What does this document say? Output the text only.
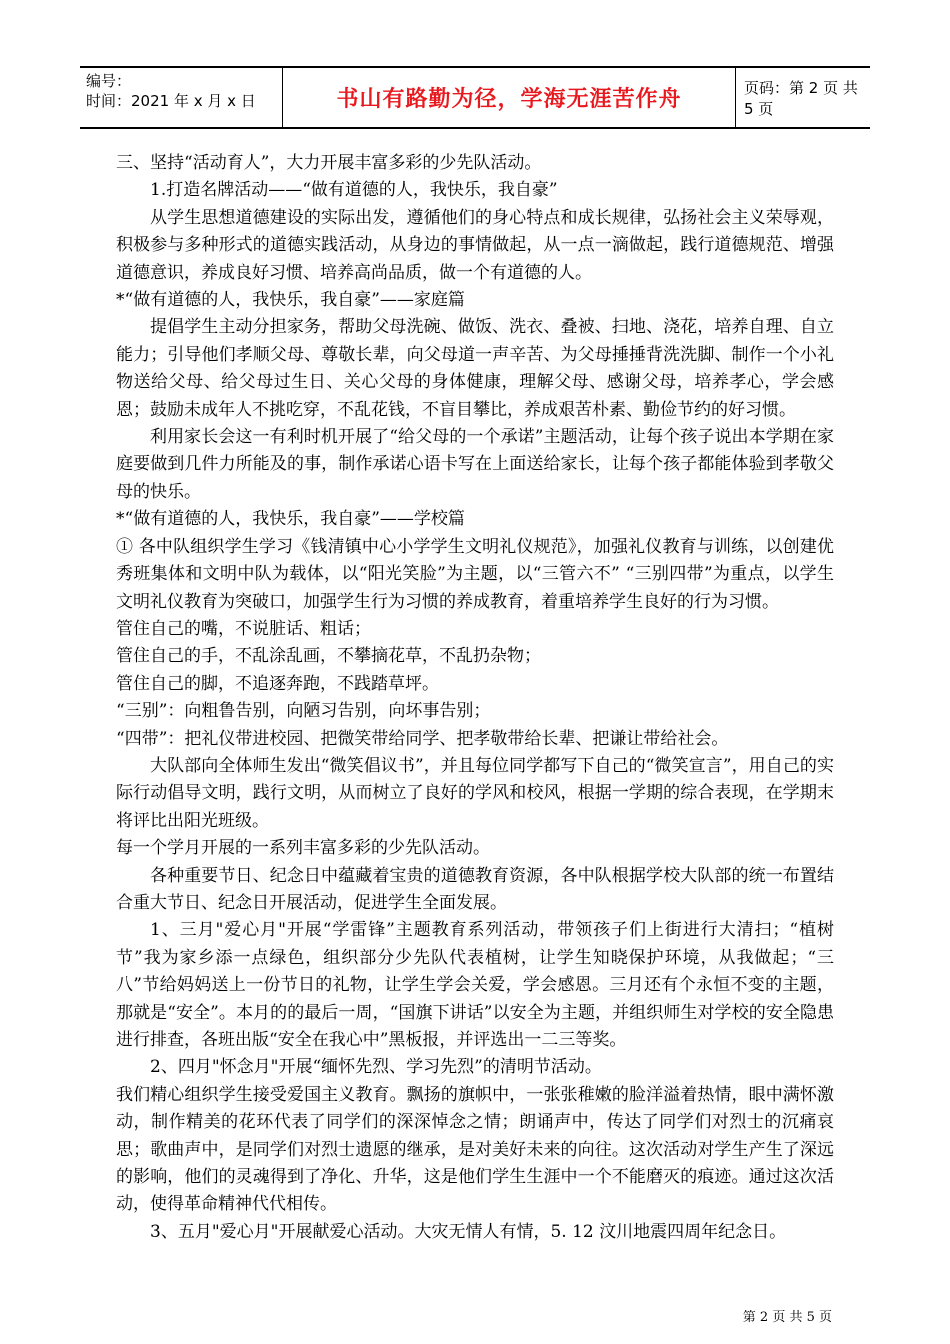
编号：
时间：2021 年 x 月 x 日	书山有路勤为径，学海无涯苦作舟	页码：第 2 页 共 5 页

三、坚持“活动育人”，大力开展丰富多彩的少先队活动。

1.打造名牌活动——“做有道德的人，我快乐，我自豪”

从学生思想道德建设的实际出发，遵循他们的身心特点和成长规律，弘扬社会主义荣辱观，积极参与多种形式的道德实践活动，从身边的事情做起，从一点一滴做起，践行道德规范、增强道德意识，养成良好习惯、培养高尚品质，做一个有道德的人。

*“做有道德的人，我快乐，我自豪”——家庭篇

提倡学生主动分担家务，帮助父母洗碗、做饭、洗衣、叠被、扫地、浇花，培养自理、自立能力；引导他们孝顺父母、尊敬长辈，向父母道一声辛苦、为父母捶捶背洗洗脚、制作一个小礼物送给父母、给父母过生日、关心父母的身体健康，理解父母、感谢父母，培养孝心，学会感恩；鼓励未成年人不挑吃穿，不乱花钱，不盲目攀比，养成艰苦朴素、勤俭节约的好习惯。

利用家长会这一有利时机开展了“给父母的一个承诺”主题活动，让每个孩子说出本学期在家庭要做到几件力所能及的事，制作承诺心语卡写在上面送给家长，让每个孩子都能体验到孝敬父母的快乐。

*“做有道德的人，我快乐，我自豪”——学校篇

① 各中队组织学生学习《钱清镇中心小学学生文明礼仪规范》，加强礼仪教育与训练，以创建优秀班集体和文明中队为载体，以“阳光笑脸”为主题，以“三管六不” “三别四带”为重点，以学生文明礼仪教育为突破口，加强学生行为习惯的养成教育，着重培养学生良好的行为习惯。

管住自己的嘴，不说脏话、粗话；

管住自己的手，不乱涂乱画，不攀摘花草，不乱扔杂物；

管住自己的脚，不追逐奔跑，不践踏草坪。

“三别”：向粗鲁告别，向陋习告别，向坏事告别；

“四带”：把礼仪带进校园、把微笑带给同学、把孝敬带给长辈、把谦让带给社会。

大队部向全体师生发出“微笑倡议书”，并且每位同学都写下自己的“微笑宣言”，用自己的实际行动倡导文明，践行文明，从而树立了良好的学风和校风，根据一学期的综合表现，在学期末将评比出阳光班级。

每一个学月开展的一系列丰富多彩的少先队活动。

各种重要节日、纪念日中蕴藏着宝贵的道德教育资源，各中队根据学校大队部的统一布置结合重大节日、纪念日开展活动，促进学生全面发展。

1、三月"爱心月"开展“学雷锋”主题教育系列活动，带领孩子们上街进行大清扫；“植树节”我为家乡添一点绿色，组织部分少先队代表植树，让学生知晓保护环境，从我做起；“三八”节给妈妈送上一份节日的礼物，让学生学会关爱，学会感恩。三月还有个永恒不变的主题，那就是“安全”。本月的的最后一周，“国旗下讲话”以安全为主题，并组织师生对学校的安全隐患进行排查，各班出版“安全在我心中”黑板报，并评选出一二三等奖。

2、四月"怀念月"开展“缅怀先烈、学习先烈”的清明节活动。

我们精心组织学生接受爱国主义教育。飘扬的旗帜中，一张张稚嫩的脸洋溢着热情，眼中满怀激动，制作精美的花环代表了同学们的深深悼念之情；朗诵声中，传达了同学们对烈士的沉痛哀思；歌曲声中，是同学们对烈士遗愿的继承，是对美好未来的向往。这次活动对学生产生了深远的影响，他们的灵魂得到了净化、升华，这是他们学生生涯中一个不能磨灭的痕迹。通过这次活动，使得革命精神代代相传。

3、五月"爱心月"开展献爱心活动。大灾无情人有情，5. 12 汶川地震四周年纪念日。

第 2 页 共 5 页
